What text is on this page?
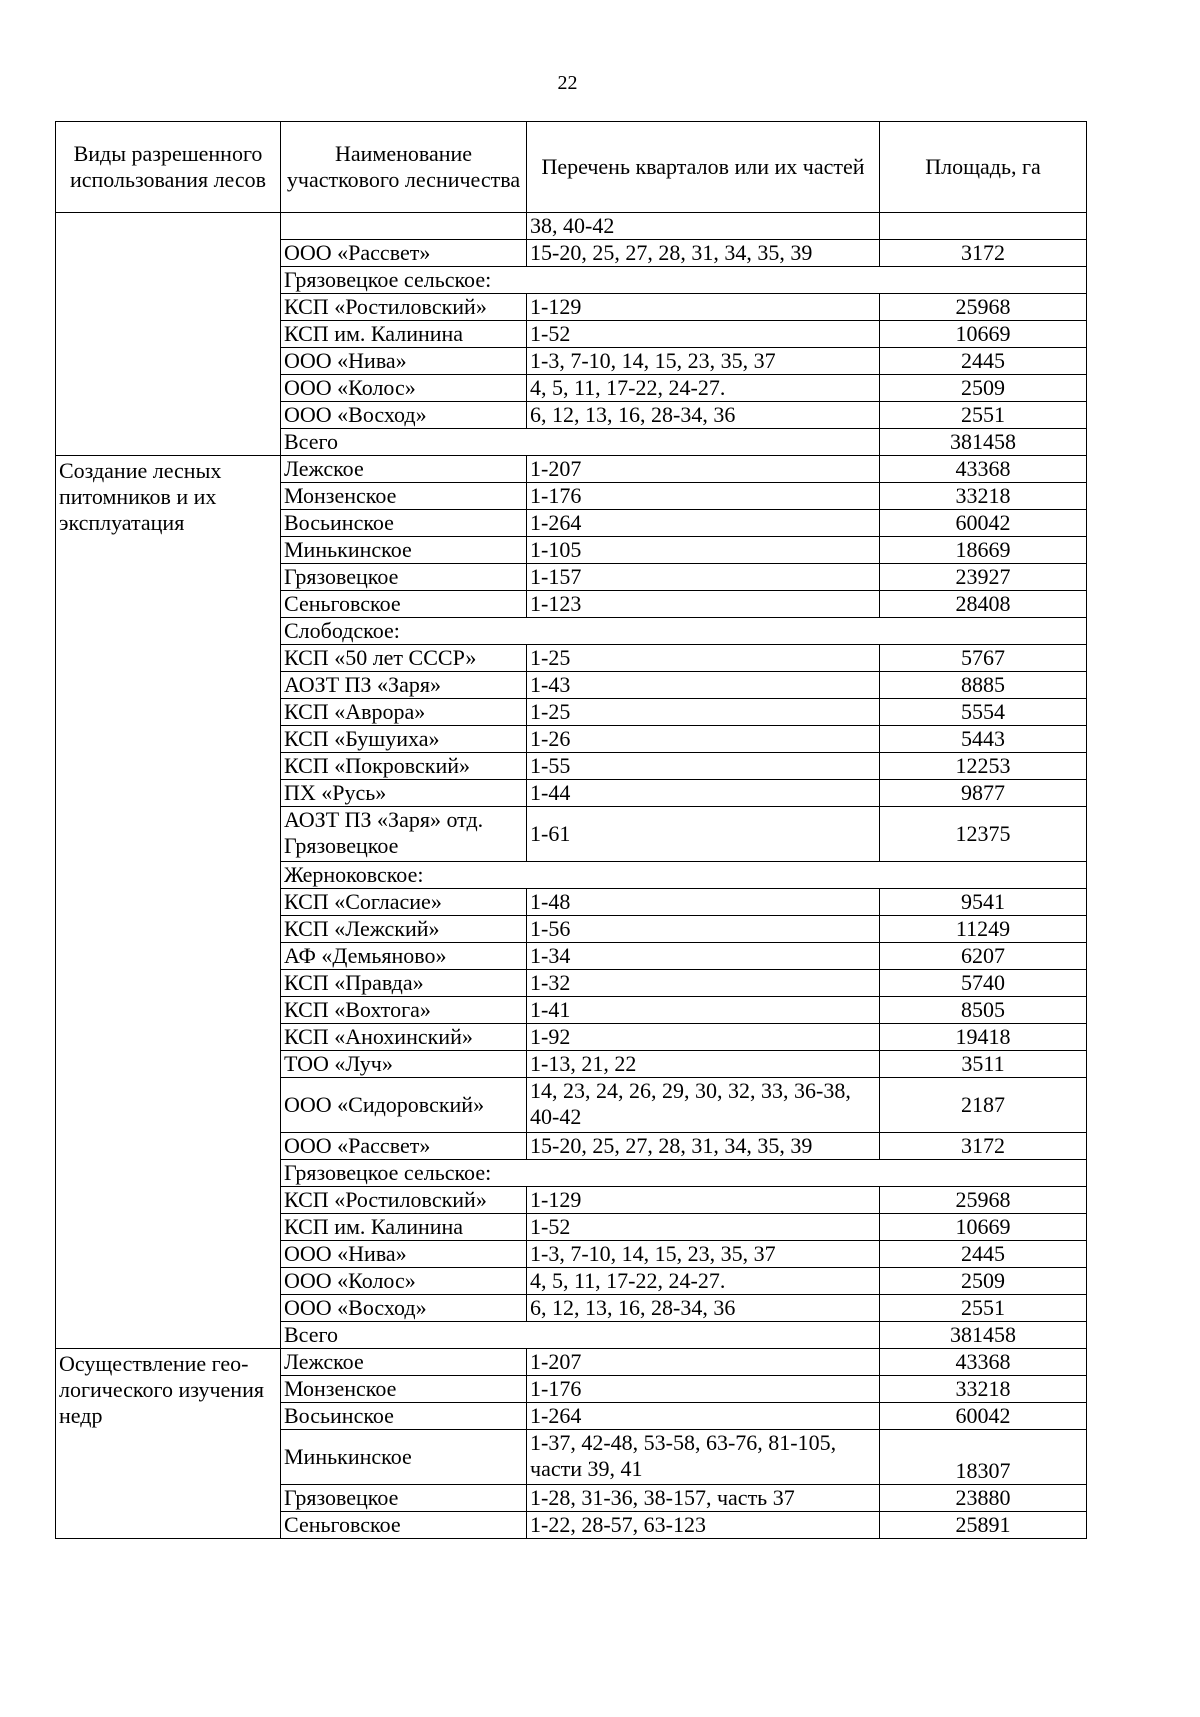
22
Виды разрешенного использования лесов	Наименование участкового лесничества	Перечень кварталов или их частей	Площадь, га
		38, 40-42	
	ООО «Рассвет»	15-20, 25, 27, 28, 31, 34, 35, 39	3172
	Грязовецкое сельское:		
	КСП «Ростиловский»	1-129	25968
	КСП им. Калинина	1-52	10669
	ООО «Нива»	1-3, 7-10, 14, 15, 23, 35, 37	2445
	ООО «Колос»	4, 5, 11, 17-22, 24-27.	2509
	ООО «Восход»	6, 12, 13, 16, 28-34, 36	2551
	Всего		381458
Создание лесных питомников и их эксплуатация	Лежское	1-207	43368
	Монзенское	1-176	33218
	Восьинское	1-264	60042
	Минькинское	1-105	18669
	Грязовецкое	1-157	23927
	Сеньговское	1-123	28408
	Слободское:		
	КСП «50 лет СССР»	1-25	5767
	АОЗТ ПЗ «Заря»	1-43	8885
	КСП «Аврора»	1-25	5554
	КСП «Бушуиха»	1-26	5443
	КСП «Покровский»	1-55	12253
	ПХ «Русь»	1-44	9877
	АОЗТ ПЗ «Заря» отд. Грязовецкое	1-61	12375
	Жерноковское:		
	КСП «Согласие»	1-48	9541
	КСП «Лежский»	1-56	11249
	АФ «Демьяново»	1-34	6207
	КСП «Правда»	1-32	5740
	КСП «Вохтога»	1-41	8505
	КСП «Анохинский»	1-92	19418
	ТОО «Луч»	1-13, 21, 22	3511
	ООО «Сидоровский»	14, 23, 24, 26, 29, 30, 32, 33, 36-38, 40-42	2187
	ООО «Рассвет»	15-20, 25, 27, 28, 31, 34, 35, 39	3172
	Грязовецкое сельское:		
	КСП «Ростиловский»	1-129	25968
	КСП им. Калинина	1-52	10669
	ООО «Нива»	1-3, 7-10, 14, 15, 23, 35, 37	2445
	ООО «Колос»	4, 5, 11, 17-22, 24-27.	2509
	ООО «Восход»	6, 12, 13, 16, 28-34, 36	2551
	Всего		381458
Осуществление гео-логического изучения недр	Лежское	1-207	43368
	Монзенское	1-176	33218
	Восьинское	1-264	60042
	Минькинское	1-37, 42-48, 53-58, 63-76, 81-105, части 39, 41	18307
	Грязовецкое	1-28, 31-36, 38-157, часть 37	23880
	Сеньговское	1-22, 28-57, 63-123	25891
